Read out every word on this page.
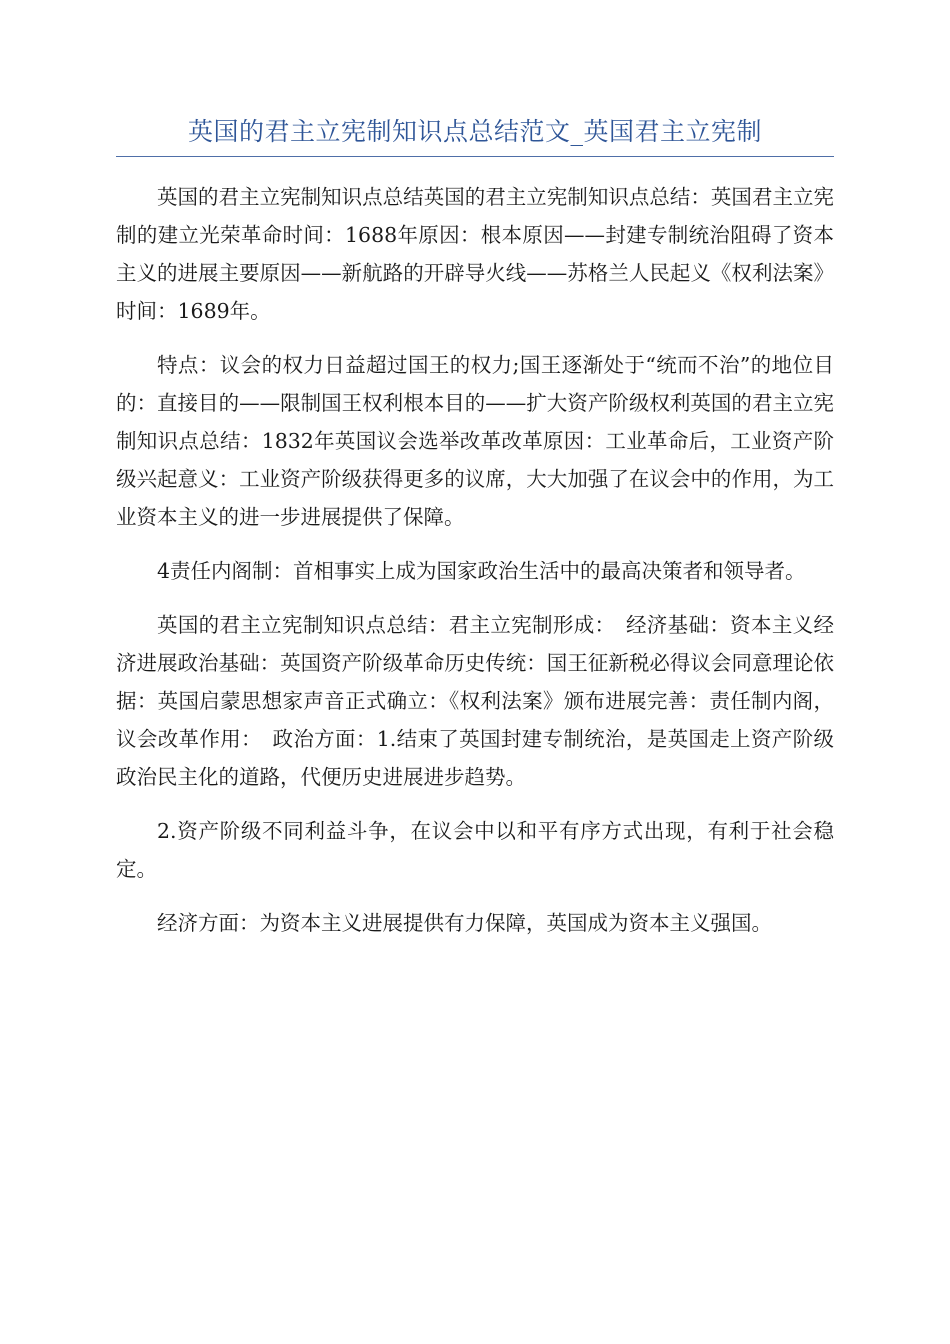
英国的君主立宪制知识点总结范文_英国君主立宪制

英国的君主立宪制知识点总结英国的君主立宪制知识点总结：英国君主立宪制的建立光荣革命时间：1688年原因：根本原因——封建专制统治阻碍了资本主义的进展主要原因——新航路的开辟导火线——苏格兰人民起义《权利法案》时间：1689年。

特点：议会的权力日益超过国王的权力;国王逐渐处于“统而不治”的地位目的：直接目的——限制国王权利根本目的——扩大资产阶级权利英国的君主立宪制知识点总结：1832年英国议会选举改革改革原因：工业革命后，工业资产阶级兴起意义：工业资产阶级获得更多的议席，大大加强了在议会中的作用，为工业资本主义的进一步进展提供了保障。

4责任内阁制：首相事实上成为国家政治生活中的最高决策者和领导者。

英国的君主立宪制知识点总结：君主立宪制形成：　经济基础：资本主义经济进展政治基础：英国资产阶级革命历史传统：国王征新税必得议会同意理论依据：英国启蒙思想家声音正式确立：《权利法案》颁布进展完善：责任制内阁，议会改革作用：　政治方面：1.结束了英国封建专制统治，是英国走上资产阶级政治民主化的道路，代便历史进展进步趋势。

2.资产阶级不同利益斗争，在议会中以和平有序方式出现，有利于社会稳定。

经济方面：为资本主义进展提供有力保障，英国成为资本主义强国。
